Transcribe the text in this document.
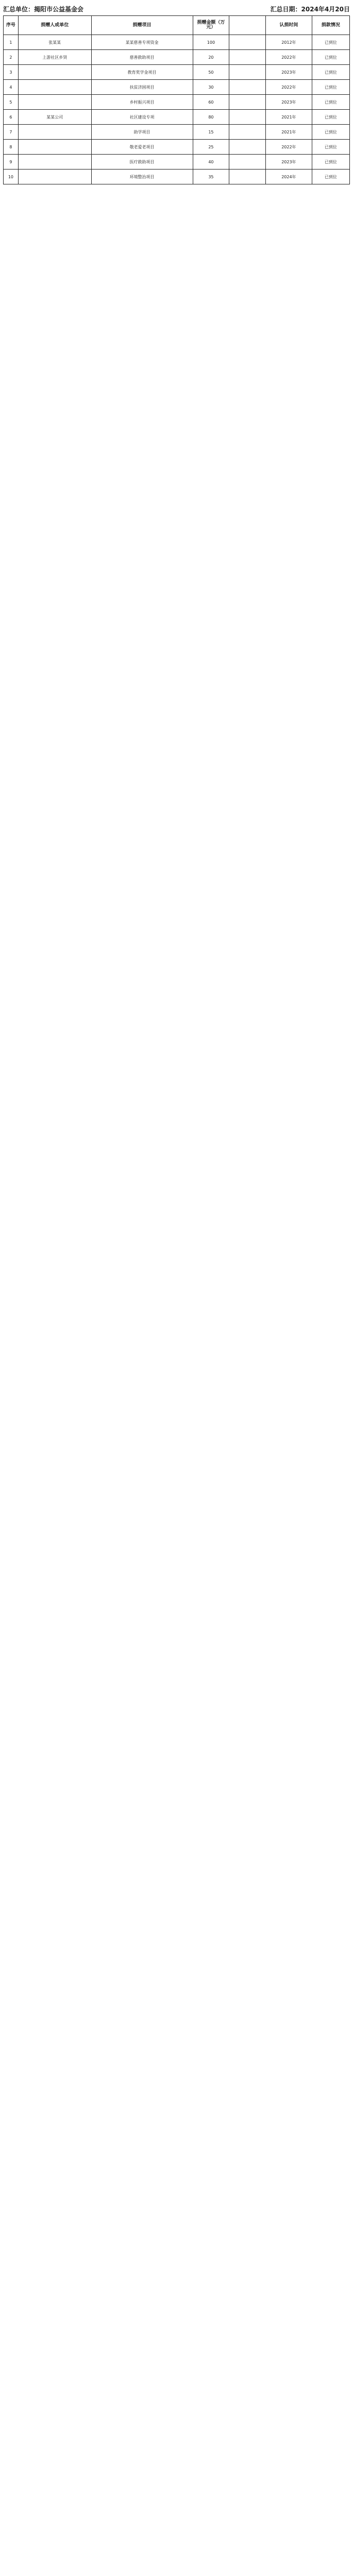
汇总单位：揭阳市公益基金会	汇总日期：2024年4月20日
序号	捐赠人或单位	捐赠项目	捐赠金额（万元）		认捐时间	捐款情况
1	张某某	某某慈善专项资金	100		2012年	已到位
2	上游社区乡贤	慈善救助项目	20		2022年	已到位
3		教育奖学金项目	50		2023年	已到位
4		扶贫济困项目	30		2022年	已到位
5		乡村振兴项目	60		2023年	已到位
6	某某公司	社区建设专项	80		2021年	已到位
7		助学项目	15		2021年	已到位
8		敬老爱老项目	25		2022年	已到位
9		医疗救助项目	40		2023年	已到位
10		环境整治项目	35		2024年	已到位
